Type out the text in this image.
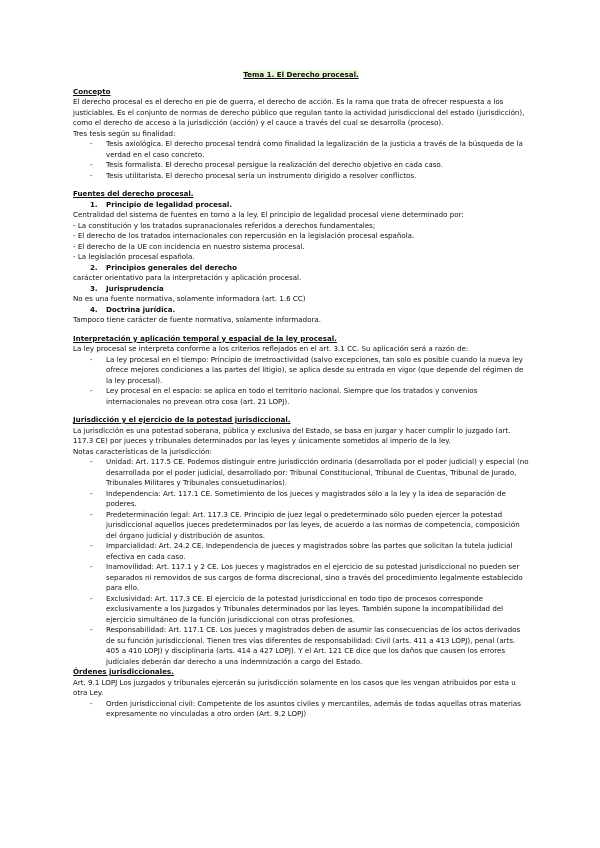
Tema 1. El Derecho procesal.
Concepto

El derecho procesal es el derecho en pie de guerra, el derecho de acción. Es la rama que trata de ofrecer respuesta a los justiciables. Es el conjunto de normas de derecho público que regulan tanto la actividad jurisdiccional del estado (jurisdicción), como el derecho de acceso a la jurisdicción (acción) y el cauce a través del cual se desarrolla (proceso).

Tres tesis según su finalidad:

- Tesis axiológica. El derecho procesal tendrá como finalidad la legalización de la justicia a través de la búsqueda de la verdad en el caso concreto.

- Tesis formalista. El derecho procesal persigue la realización del derecho objetivo en cada caso.

- Tesis utilitarista. El derecho procesal sería un instrumento dirigido a resolver conflictos.

Fuentes del derecho procesal.

1. Principio de legalidad procesal.

Centralidad del sistema de fuentes en torno a la ley. El principio de legalidad procesal viene determinado por:

- La constitución y los tratados supranacionales referidos a derechos fundamentales;

- El derecho de los tratados internacionales con repercusión en la legislación procesal española.

- El derecho de la UE con incidencia en nuestro sistema procesal.

- La legislación procesal española.

2. Principios generales del derecho

carácter orientativo para la interpretación y aplicación procesal.

3. Jurisprudencia

No es una fuente normativa, solamente informadora (art. 1.6 CC)

4. Doctrina jurídica.

Tampoco tiene carácter de fuente normativa, solamente informadora.

Interpretación y aplicación temporal y espacial de la ley procesal.

La ley procesal se interpreta conforme a los criterios reflejados en el art. 3.1 CC. Su aplicación será a razón de:

- La ley procesal en el tiempo: Principio de irretroactividad (salvo excepciones, tan solo es posible cuando la nueva ley ofrece mejores condiciones a las partes del litigio), se aplica desde su entrada en vigor (que depende del régimen de la ley procesal).

- Ley procesal en el espacio: se aplica en todo el territorio nacional. Siempre que los tratados y convenios internacionales no prevean otra cosa (art. 21 LOPJ).

Jurisdicción y el ejercicio de la potestad jurisdiccional.

La jurisdicción es una potestad soberana, pública y exclusiva del Estado, se basa en juzgar y hacer cumplir lo juzgado (art. 117.3 CE) por jueces y tribunales determinados por las leyes y únicamente sometidos al imperio de la ley.

Notas características de la jurisdicción:

- Unidad: Art. 117.5 CE. Podemos distinguir entre jurisdicción ordinaria (desarrollada por el poder judicial) y especial (no desarrollada por el poder judicial, desarrollado por: Tribunal Constitucional, Tribunal de Cuentas, Tribunal de Jurado, Tribunales Militares y Tribunales consuetudinarios).

- Independencia: Art. 117.1 CE. Sometimiento de los jueces y magistrados sólo a la ley y la idea de separación de poderes.

- Predeterminación legal: Art. 117.3 CE. Principio de juez legal o predeterminado sólo pueden ejercer la potestad jurisdiccional aquellos jueces predeterminados por las leyes, de acuerdo a las normas de competencia, composición del órgano judicial y distribución de asuntos.

- Imparcialidad: Art. 24.2 CE. Independencia de jueces y magistrados sobre las partes que solicitan la tutela judicial efectiva en cada caso.

- Inamovilidad: Art. 117.1 y 2 CE. Los jueces y magistrados en el ejercicio de su potestad jurisdiccional no pueden ser separados ni removidos de sus cargos de forma discrecional, sino a través del procedimiento legalmente establecido para ello.

- Exclusividad: Art. 117.3 CE. El ejercicio de la potestad jurisdiccional en todo tipo de procesos corresponde exclusivamente a los Juzgados y Tribunales determinados por las leyes. También supone la incompatibilidad del ejercicio simultáneo de la función jurisdiccional con otras profesiones.

- Responsabilidad: Art. 117.1 CE. Los jueces y magistrados deben de asumir las consecuencias de los actos derivados de su función jurisdiccional. Tienen tres vías diferentes de responsabilidad: Civil (arts. 411 a 413 LOPJ), penal (arts. 405 a 410 LOPJ) y disciplinaria (arts. 414 a 427 LOPJ). Y el Art. 121 CE dice que los daños que causen los errores judiciales deberán dar derecho a una indemnización a cargo del Estado.

Órdenes jurisdiccionales.

Art. 9.1 LOPJ Los juzgados y tribunales ejercerán su jurisdicción solamente en los casos que les vengan atribuidos por esta u otra Ley.

- Orden jurisdiccional civil: Competente de los asuntos civiles y mercantiles, además de todas aquellas otras materias expresamente no vinculadas a otro orden (Art. 9.2 LOPJ)
